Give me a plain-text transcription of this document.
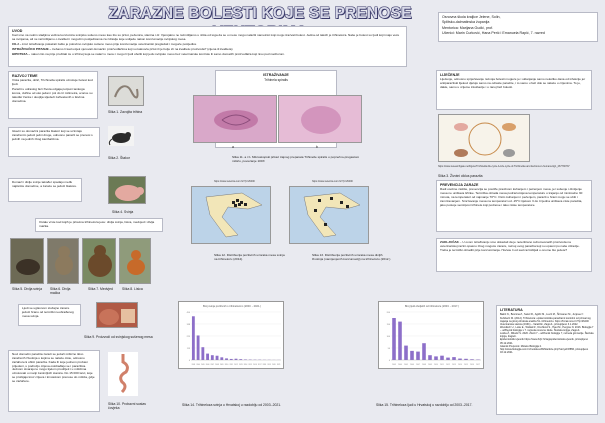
ZARAZNE BOLESTI KOJE SE PRENOSE
UVOD

Kad smo na nekim sladjima večina konzumira svinjsko sušeno meso kao što su pršut, pečenica, slanina i dr. Vjerojatno ne razmišljamo u ništa od toga da se u mesu mogu nalaziti nametnici koji mogu izazvati bolest. Jedna od takvih je trihineloza. Naše je bolest su ljudi koji imaju veze sa svinjama, ali ne razmišljamo o kvaliteti i mogućim posljedicama za zdravlje koje uslijede nakon konzumacije svinjskog mesa.

CILJ – kroz istraživanje pokazati zašto je potrebno svinjsko sušeno meso prije konzumacije veterinarski pregledati i moguće posljedice

ISTRAŽIVAČKO PITANJE – trebamo li kad uvijek vjerovati domaćim proizvođačima koji su kakvoća pršut ili je bolje ići na kvalitetu proizvoda? (cijena ili kvaliteta)

HIPOTEZA – nakon što na prije pročitati će u trihinoj koja se nalazi u mesu i mogu li ljudi oboliti koji jedu svinjsko meso bez veterinarske kontrole ili samo domaćih proizvođača koji nisu pod nadzorom.

Osnovna škola kraljice Jelene, Solin,

Splitsko-dalmatinska županija

Mentorica: Marijana Gudić, prof.

Učenici: Marin Curković, Hana Perić i Emanuela Rapić, 7. razred

RAZVOJ TEME

Vrsta parazita, oblić, Trichinella spiralis uzrokuje bolest kod ljudi.

Parazit u odraslog fazi života odgaja potpuni tankoga konca, dužine od oko jedan i pol do tri milimetra, a larve su također ženke i okuplja sljedeći zahvaćenih u tkivima domaćina.

Slika 1. Zavojita trihina

Glavni su domaćini parazita štakori koji se uzimtaju zaraženim jedući jedni druge, odnosno parazit se prenosi s jednih na jednih zbog kanibalizma.

Slika 2. Štakor

Domaći i divlje svinje također spadaju među najčešće domaćine, a zaraze se jedući štakore.

Slika 4. Svinja

Ostale vrste kod kojih je prisutna trihineloza jesu: divlja svinja, lisica, medvjed i divlja mačka.

Slika 5. Divlja svinja Slika 6. Divlja mačka
Slika 7. Medvjed	Slika 8. Lisica

Ljudi se uglavnom slučajno zaraze jedući hranu od termički neobrađenog mesa svinja.

Slika 9. Proizvodi od svinjskog sušenog mesa

Novi domaćin parazita zarazi se jedući mišićno tkivo zaraženih životinja u kojima se nalaze ciste, odnosno začahureni oblici parazita. Kada ih koje jednom probavi prijedeni, u području crijeva oslobađaju se i parazitica. Jednom stvaraju te mogu tijelom prodrijeti i u mišićima uzrokovati u manji zanimljivih stanica. Do 15 000 larvi, koje se probijaju kroz crijeva i krvotokom prenose do mišića, gdje se začahure.

Slika 10. Probavni sustav čovjeka
ISTRAŽIVANJE

Trihinela spiralis

a	b
Slika 11. a i b. Mikroskopski prikaz trajnog preparata Trihinelle spiralis u poprečno-prugastom mišiću, povećanje 100X
https://www.veterina.com.hr/?p=26400
Slika 12. Distribucija pozitivnih uzoraka mesa svinja na trihinelozu (2012).
https://www.veterina.com.hr/?p=26400
Slika 13. Distribucija pozitivnih uzoraka mesa divljih životinja (namijenjenih konzumaciji) na trihinelozu (2012.)
Broj svinja pozitivnih s trihinelozom (2003. - 2021.)
0
113
225
338
450
2003 2004 2005 2006 2007 2008 2009 2010 2011 2012 2013 2014 2015 2016 2017 2018 2019 2020 2021
Slika 14. Trihineloza svinja u Hrvatskoj u razdoblju od 2003.-2021.
Broj ljudi oboljelih od trihineloze (2003. - 2017.)
0
50
100
150
200
2003 2004 2005 2006 2007 2008 2009 2010 2011 2012 2013 2014 2015 2016 2017
Slika 15. Trihineloza ljudi u Hrvatskoj u razdoblju od 2003.-2017.
LIJEČENJE

Liječenje, odnosno sprječavanje razvoja bolesti moguće je i uklanjanje samo nekoliko dana od infekcije jer antiparazitski lijekovi djeluju samo na odrasle parazite, i to samo u fazi dok se nalaze u crijevima. To je, dakle, samo u vrijeme inkubacije i u ranoj fazi bolesti.

https://www.researchgate.net/figure/Trichinella-life-cycle-A-Life-cycle-of-Trichinella-var-infections-in-humans-fig1_267739737
Slika 3. Životni ciklus parazita
PREVENCIJA ZARAZE

Radi osobne zaštite, prevencija se postiže pravilnom kuhanjem i pečenjem mesa, jer sušenje i dimljenje mesa ne uništava ličinke. Termička obrada mesa podrazumijeva temperaturu u trajanju od minimalno 30 minuta, na temperaturi od najmanje 70°C. Osim kuhanjem i pečenjem, parazit u hrani mogu se ubiti i zamrzavanjem. Smrzavanje mesa na temperaturi od -15°C tijekom 3 do 4 tjedna uništava ciste parazita, jako postoje serotipovi trihinele koji podnose i tako niske temperature.

ZAKLJUČAK – U ovom istraživanju smo dokazali da je neteritirano suhomesnatih proizvoda na veterinarskoj razini opasno zbog moguće zaraze, razvoj ovog parazita koji su opasni po naše zdravlje. Treba je termički obraditi prije konzumiranja. Hoćete li od sad razmišljati o onome što jedete?

LITERATURA

Bakić N., Bosnina Z., Sekol R., Agičić M., Luvić M., Širmanec M., Jurjevec ľ. Kubičerić M. (2012). Trihineloza: epidemiološko-parazitarni kontrolni od primarnog trajanja na jdnoj obroksta analiza 51-i trihinelozu. https://hrcak.srce.hr/?p=26400
Veterinarska stanica (1991) – Varaždin, Zagreb., pristupljeno 3.1.2022.
Wendisch U., Lotte E., Wolkal R., Drežkovii S., Haut M., Pergine N. 2016. Biologija 7 – udžbenik biologije s 7. razreda osnovne škole. Školska knjiga, Zagreb.
Lukša Ž., Mikulić S. 2020. Živott 7 – udžbenik biologije 7, razreda gimnazije. Školska knjiga, Zagreb.
Epidemiološki vjesnik https://www.hzjz.hr/tag/epidemioloski-vjesnik, pristupljeno 05.12.2021.
Glasnik Preporod. Moleku Biologija 2. http://www.biologija.com.hr/modules/AMS/article.php?storyid=8856, pristupljeno 03.12.2021.
